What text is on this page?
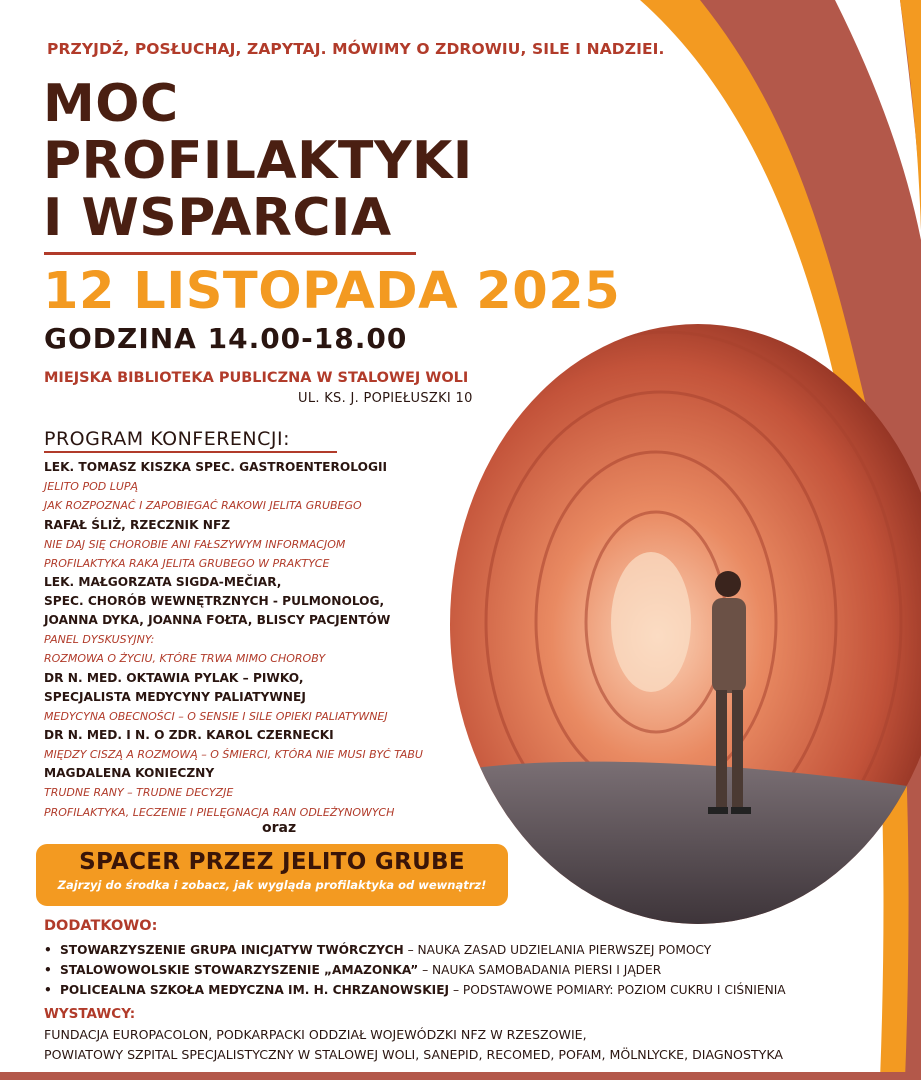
PRZYJDŹ, POSŁUCHAJ, ZAPYTAJ. MÓWIMY O ZDROWIU, SILE I NADZIEI.
MOC
PROFILAKTYKI
I WSPARCIA
12 LISTOPADA 2025
GODZINA 14.00-18.00
MIEJSKA BIBLIOTEKA PUBLICZNA W STALOWEJ WOLI
UL. KS. J. POPIEŁUSZKI 10
PROGRAM KONFERENCJI:
LEK. TOMASZ KISZKA SPEC. GASTROENTEROLOGII
JELITO POD LUPĄ
JAK ROZPOZNAĆ I ZAPOBIEGAĆ RAKOWI JELITA GRUBEGO
RAFAŁ ŚLIŻ, RZECZNIK NFZ
NIE DAJ SIĘ CHOROBIE ANI FAŁSZYWYM INFORMACJOM
PROFILAKTYKA RAKA JELITA GRUBEGO W PRAKTYCE
LEK. MAŁGORZATA SIGDA-MEČIAR,
SPEC. CHORÓB WEWNĘTRZNYCH - PULMONOLOG,
JOANNA DYKA, JOANNA FOŁTA, BLISCY PACJENTÓW
PANEL DYSKUSYJNY:
ROZMOWA O ŻYCIU, KTÓRE TRWA MIMO CHOROBY
DR N. MED. OKTAWIA PYLAK – PIWKO,
SPECJALISTA MEDYCYNY PALIATYWNEJ
MEDYCYNA OBECNOŚCI – O SENSIE I SILE OPIEKI PALIATYWNEJ
DR N. MED. I N. O ZDR. KAROL CZERNECKI
MIĘDZY CISZĄ A ROZMOWĄ – O ŚMIERCI, KTÓRA NIE MUSI BYĆ TABU
MAGDALENA KONIECZNY
TRUDNE RANY – TRUDNE DECYZJE
PROFILAKTYKA, LECZENIE I PIELĘGNACJA RAN ODLEŻYNOWYCH
oraz
SPACER PRZEZ JELITO GRUBE
Zajrzyj do środka i zobacz, jak wygląda profilaktyka od wewnątrz!
DODATKOWO:
• STOWARZYSZENIE GRUPA INICJATYW TWÓRCZYCH – NAUKA ZASAD UDZIELANIA PIERWSZEJ POMOCY
• STALOWOWOLSKIE STOWARZYSZENIE „AMAZONKA” – NAUKA SAMOBADANIA PIERSI I JĄDER
• POLICEALNA SZKOŁA MEDYCZNA IM. H. CHRZANOWSKIEJ – PODSTAWOWE POMIARY: POZIOM CUKRU I CIŚNIENIA
WYSTAWCY:
FUNDACJA EUROPACOLON, PODKARPACKI ODDZIAŁ WOJEWÓDZKI NFZ W RZESZOWIE,
POWIATOWY SZPITAL SPECJALISTYCZNY W STALOWEJ WOLI, SANEPID, RECOMED, POFAM, MÖLNLYCKE, DIAGNOSTYKA
